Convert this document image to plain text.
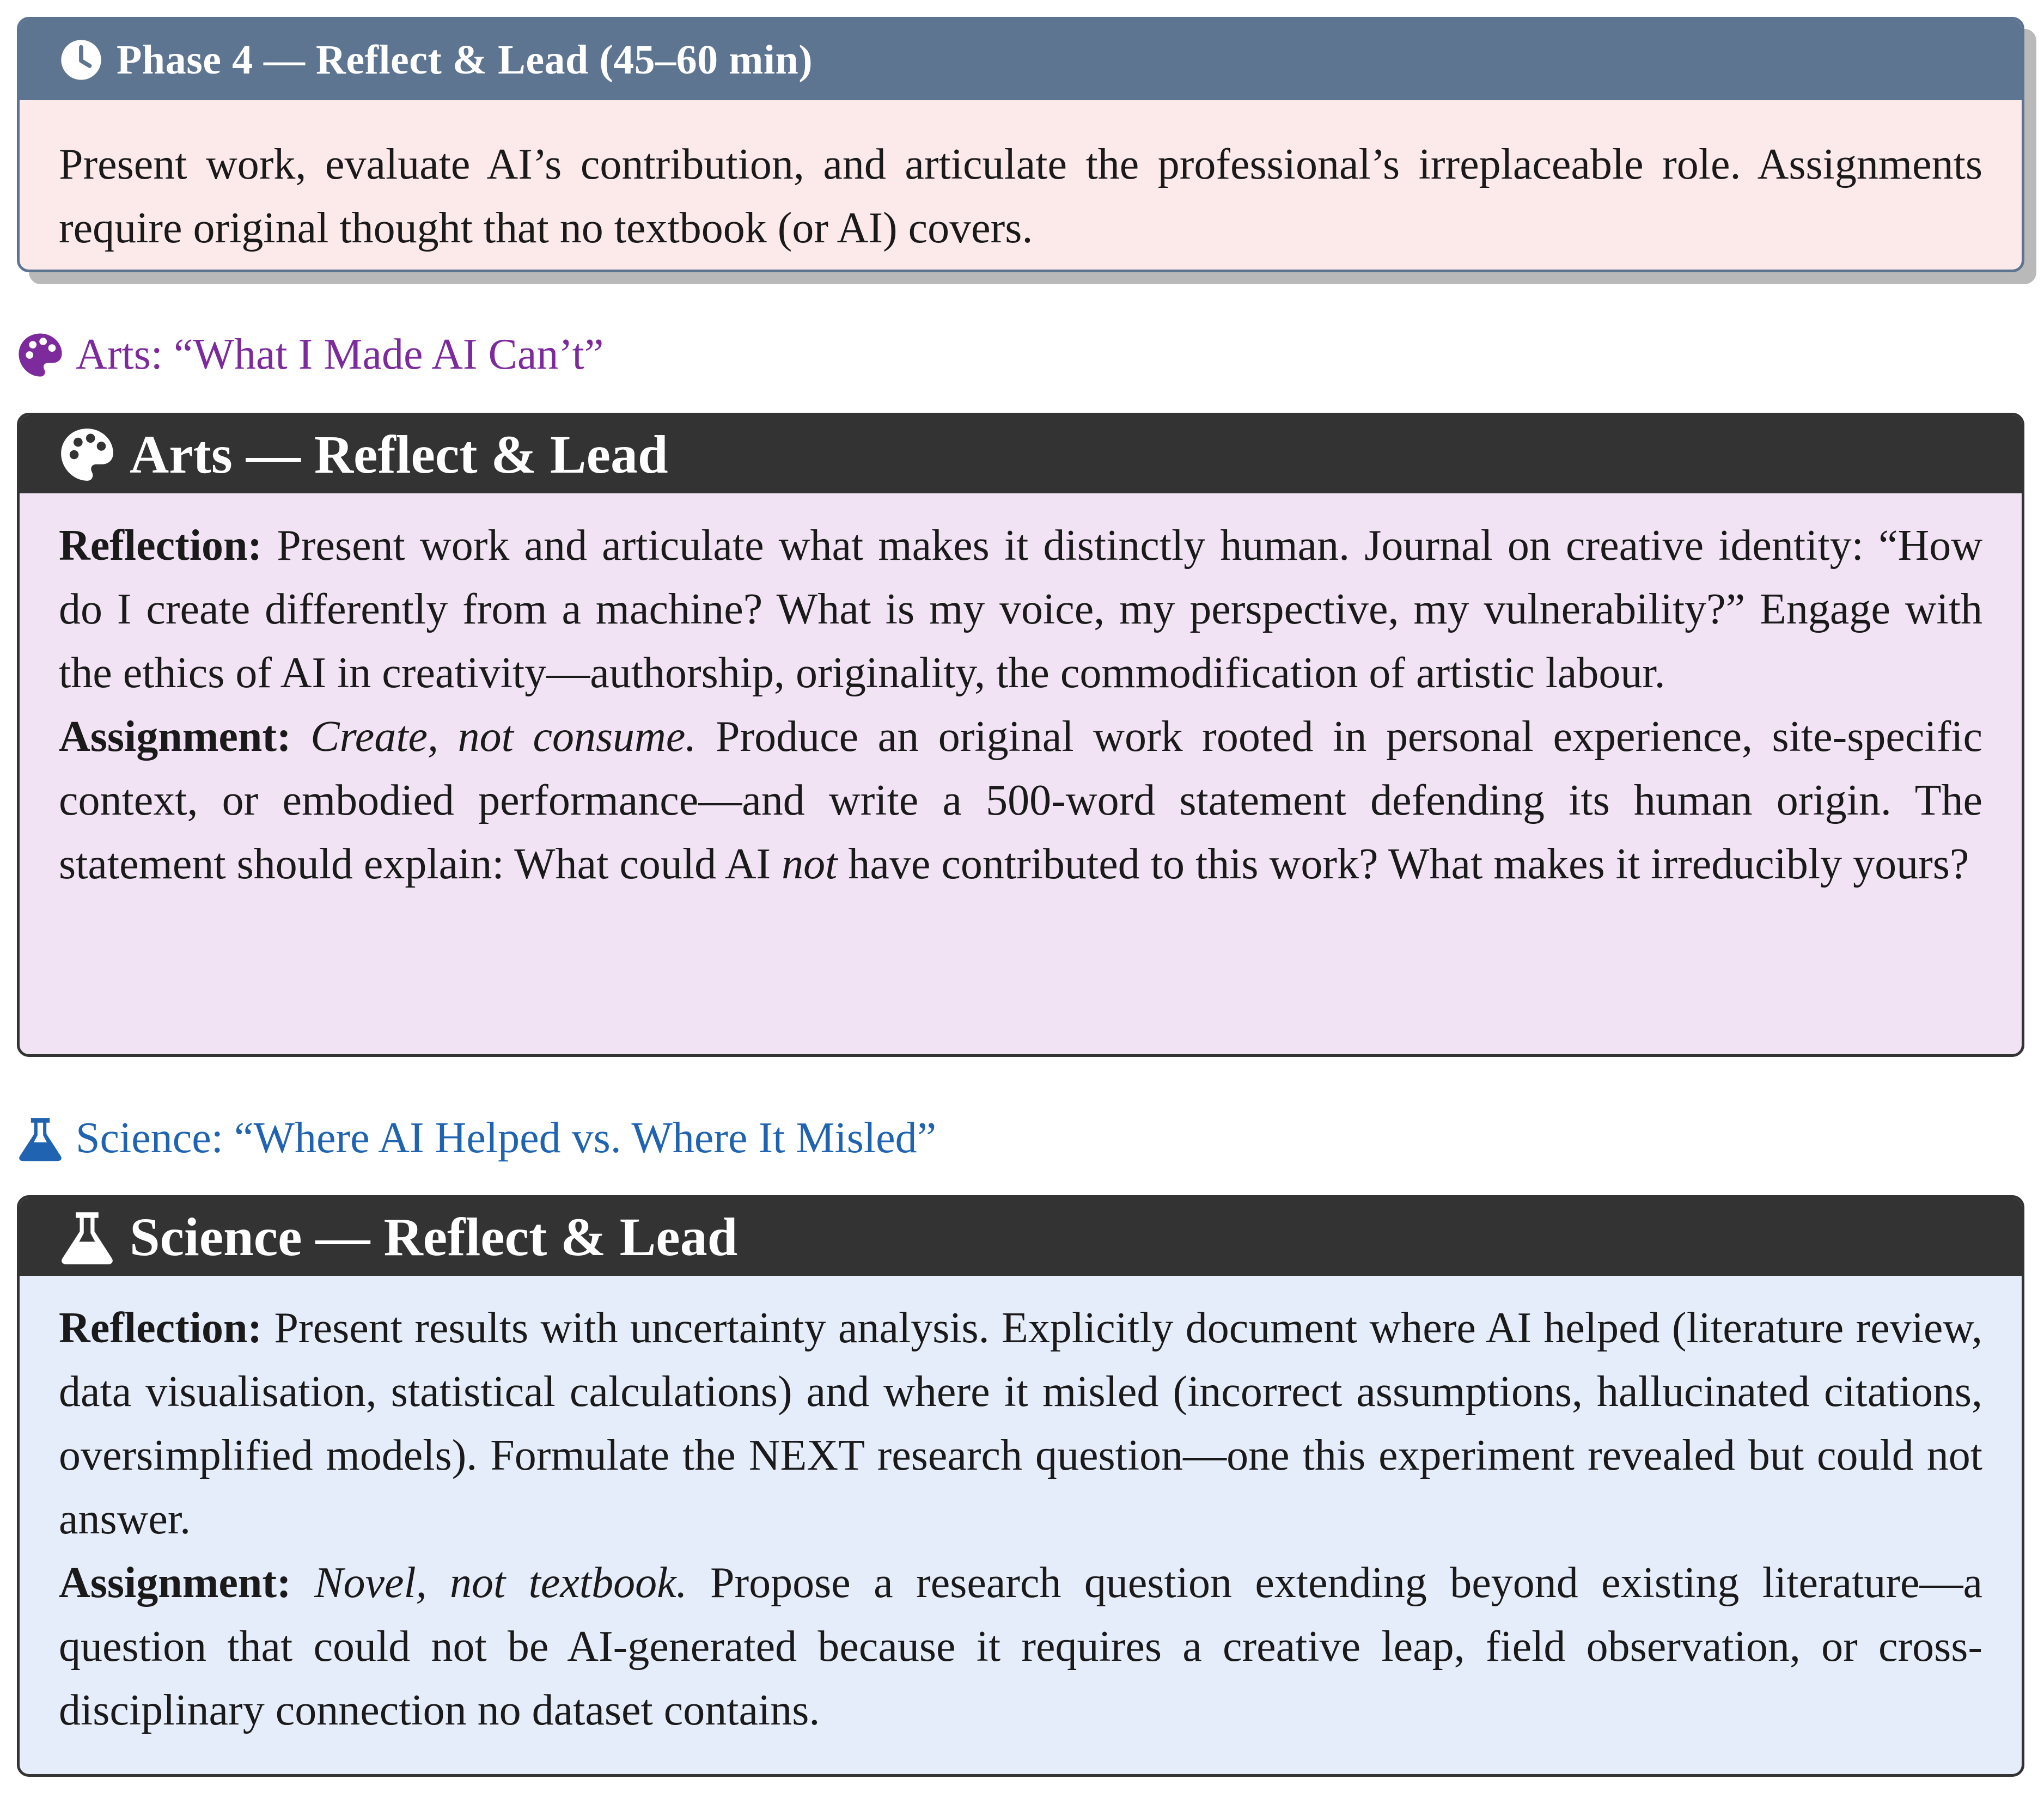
Phase 4 — Reflect & Lead (45–60 min)
Present work, evaluate AI’s contribution, and articulate the professional’s irreplaceable role. Assignments require original thought that no textbook (or AI) covers.
Arts: “What I Made AI Can’t”
Arts — Reflect & Lead

Reflection: Present work and articulate what makes it distinctly human. Journal on creative identity: “How do I create differently from a machine? What is my voice, my perspective, my vulnerability?” Engage with the ethics of AI in creativity—authorship, originality, the commodification of artistic labour.

Assignment: Create, not consume. Produce an original work rooted in personal experience, site-specific context, or embodied performance—and write a 500-word statement defending its human origin. The statement should explain: What could AI not have contributed to this work? What makes it irreducibly yours?

Science: “Where AI Helped vs. Where It Misled”
Science — Reflect & Lead

Reflection: Present results with uncertainty analysis. Explicitly document where AI helped (literature review, data visualisation, statistical calculations) and where it misled (incorrect assumptions, hallucinated citations, oversimplified models). Formulate the NEXT research question—one this experiment revealed but could not answer.

Assignment: Novel, not textbook. Propose a research question extending beyond existing literature—a question that could not be AI-generated because it requires a creative leap, field observation, or cross-disciplinary connection no dataset contains.
